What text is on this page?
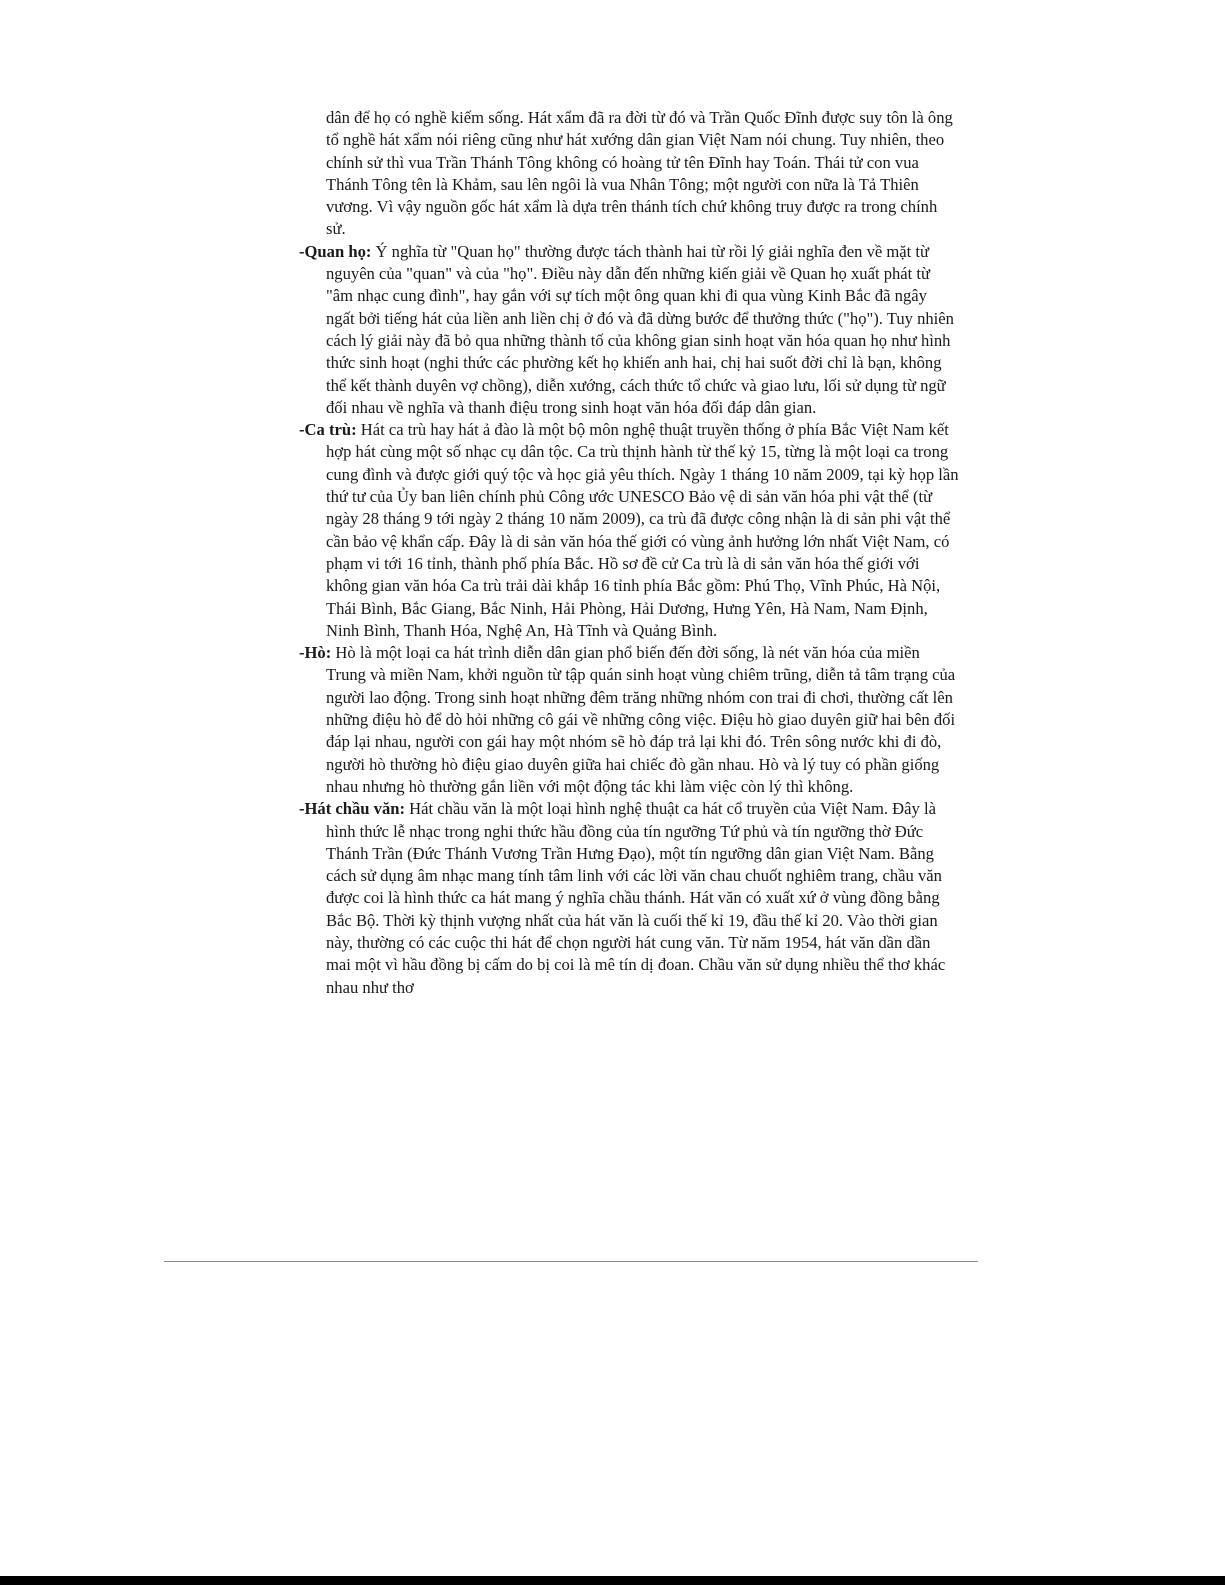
dân để họ có nghề kiếm sống. Hát xẩm đã ra đời từ đó và Trần Quốc Đĩnh được suy tôn là ông tổ nghề hát xẩm nói riêng cũng như hát xướng dân gian Việt Nam nói chung. Tuy nhiên, theo chính sử thì vua Trần Thánh Tông không có hoàng tử tên Đĩnh hay Toán. Thái tử con vua Thánh Tông tên là Khảm, sau lên ngôi là vua Nhân Tông; một người con nữa là Tả Thiên vương. Vì vậy nguồn gốc hát xẩm là dựa trên thánh tích chứ không truy được ra trong chính sử.

-Quan họ: Ý nghĩa từ "Quan họ" thường được tách thành hai từ rồi lý giải nghĩa đen về mặt từ nguyên của "quan" và của "họ". Điều này dẫn đến những kiến giải về Quan họ xuất phát từ "âm nhạc cung đình", hay gắn với sự tích một ông quan khi đi qua vùng Kinh Bắc đã ngây ngất bởi tiếng hát của liền anh liền chị ở đó và đã dừng bước để thưởng thức ("họ"). Tuy nhiên cách lý giải này đã bỏ qua những thành tố của không gian sinh hoạt văn hóa quan họ như hình thức sinh hoạt (nghi thức các phường kết họ khiến anh hai, chị hai suốt đời chỉ là bạn, không thể kết thành duyên vợ chồng), diễn xướng, cách thức tổ chức và giao lưu, lối sử dụng từ ngữ đối nhau về nghĩa và thanh điệu trong sinh hoạt văn hóa đối đáp dân gian.

-Ca trù: Hát ca trù hay hát ả đào là một bộ môn nghệ thuật truyền thống ở phía Bắc Việt Nam kết hợp hát cùng một số nhạc cụ dân tộc. Ca trù thịnh hành từ thế kỷ 15, từng là một loại ca trong cung đình và được giới quý tộc và học giả yêu thích. Ngày 1 tháng 10 năm 2009, tại kỳ họp lần thứ tư của Ủy ban liên chính phủ Công ước UNESCO Bảo vệ di sản văn hóa phi vật thể (từ ngày 28 tháng 9 tới ngày 2 tháng 10 năm 2009), ca trù đã được công nhận là di sản phi vật thể cần bảo vệ khẩn cấp. Đây là di sản văn hóa thế giới có vùng ảnh hưởng lớn nhất Việt Nam, có phạm vi tới 16 tỉnh, thành phố phía Bắc. Hồ sơ đề cử Ca trù là di sản văn hóa thế giới với không gian văn hóa Ca trù trải dài khắp 16 tỉnh phía Bắc gồm: Phú Thọ, Vĩnh Phúc, Hà Nội, Thái Bình, Bắc Giang, Bắc Ninh, Hải Phòng, Hải Dương, Hưng Yên, Hà Nam, Nam Định, Ninh Bình, Thanh Hóa, Nghệ An, Hà Tĩnh và Quảng Bình.

-Hò: Hò là một loại ca hát trình diễn dân gian phổ biến đến đời sống, là nét văn hóa của miền Trung và miền Nam, khởi nguồn từ tập quán sinh hoạt vùng chiêm trũng, diễn tả tâm trạng của người lao động. Trong sinh hoạt những đêm trăng những nhóm con trai đi chơi, thường cất lên những điệu hò để dò hỏi những cô gái về những công việc. Điệu hò giao duyên giữ hai bên đối đáp lại nhau, người con gái hay một nhóm sẽ hò đáp trả lại khi đó. Trên sông nước khi đi đò, người hò thường hò điệu giao duyên giữa hai chiếc đò gần nhau. Hò và lý tuy có phần giống nhau nhưng hò thường gắn liền với một động tác khi làm việc còn lý thì không.

-Hát chầu văn: Hát chầu văn là một loại hình nghệ thuật ca hát cổ truyền của Việt Nam. Đây là hình thức lễ nhạc trong nghi thức hầu đồng của tín ngưỡng Tứ phủ và tín ngưỡng thờ Đức Thánh Trần (Đức Thánh Vương Trần Hưng Đạo), một tín ngưỡng dân gian Việt Nam. Bằng cách sử dụng âm nhạc mang tính tâm linh với các lời văn chau chuốt nghiêm trang, chầu văn được coi là hình thức ca hát mang ý nghĩa chầu thánh. Hát văn có xuất xứ ở vùng đồng bằng Bắc Bộ. Thời kỳ thịnh vượng nhất của hát văn là cuối thế kỉ 19, đầu thế kỉ 20. Vào thời gian này, thường có các cuộc thi hát để chọn người hát cung văn. Từ năm 1954, hát văn dần dần mai một vì hầu đồng bị cấm do bị coi là mê tín dị đoan. Chầu văn sử dụng nhiều thể thơ khác nhau như thơ
